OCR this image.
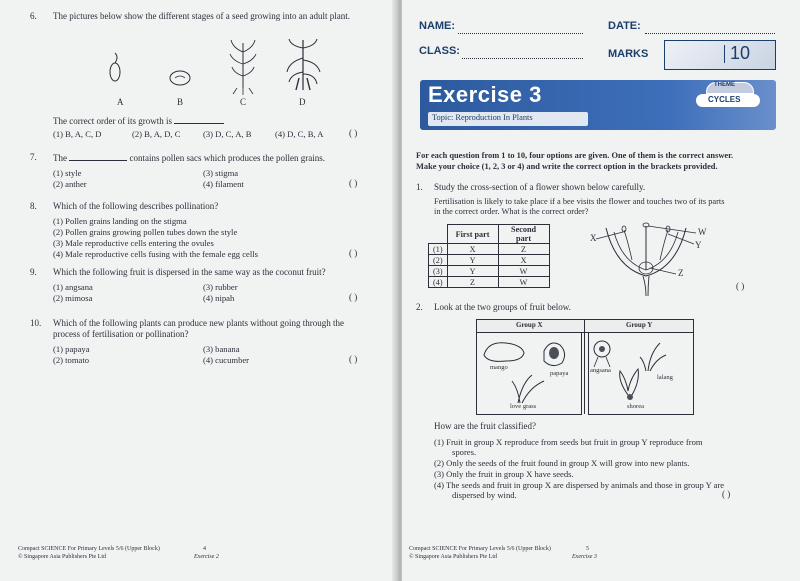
6. The pictures below show the different stages of a seed growing into an adult plant.
A	B	C	D
The correct order of its growth is
(1) B, A, C, D	(2) B, A, D, C	(3) D, C, A, B	(4) D, C, B, A	( )
7. The	contains pollen sacs which produces the pollen grains.
(1) style	(3) stigma
(2) anther	(4) filament	( )
8. Which of the following describes pollination?
(1) Pollen grains landing on the stigma
(2) Pollen grains growing pollen tubes down the style
(3) Male reproductive cells entering the ovules
(4) Male reproductive cells fusing with the female egg cells	( )
9. Which the following fruit is dispersed in the same way as the coconut fruit?
(1) angsana	(3) rubber
(2) mimosa	(4) nipah	( )
10. Which of the following plants can produce new plants without going through the
process of fertilisation or pollination?
(1) papaya	(3) banana
(2) tomato	(4) cucumber	( )
Compact SCIENCE For Primary Levels 5/6 (Upper Block)
© Singapore Asia Publishers Pte Ltd
4
Exercise 2
NAME:	DATE:
CLASS:	MARKS	10
Exercise 3
Topic: Reproduction In Plants
THEME
CYCLES
For each question from 1 to 10, four options are given. One of them is the correct answer.
Make your choice (1, 2, 3 or 4) and write the correct option in the brackets provided.
1. Study the cross-section of a flower shown below carefully.
Fertilisation is likely to take place if a bee visits the flower and touches two of its parts
in the correct order. What is the correct order?
	First part	Second part
(1)	X	Z
(2)	Y	X
(3)	Y	W
(4)	Z	W
X
W
Y
Z
( )
2. Look at the two groups of fruit below.
Group X	Group Y
mango
papaya
love grass
angsana
lalang
shorea
How are the fruit classified?
(1) Fruit in group X reproduce from seeds but fruit in group Y reproduce from
spores.
(2) Only the seeds of the fruit found in group X will grow into new plants.
(3) Only the fruit in group X have seeds.
(4) The seeds and fruit in group X are dispersed by animals and those in group Y are
dispersed by wind.	( )
Compact SCIENCE For Primary Levels 5/6 (Upper Block)
© Singapore Asia Publishers Pte Ltd
5
Exercise 3
